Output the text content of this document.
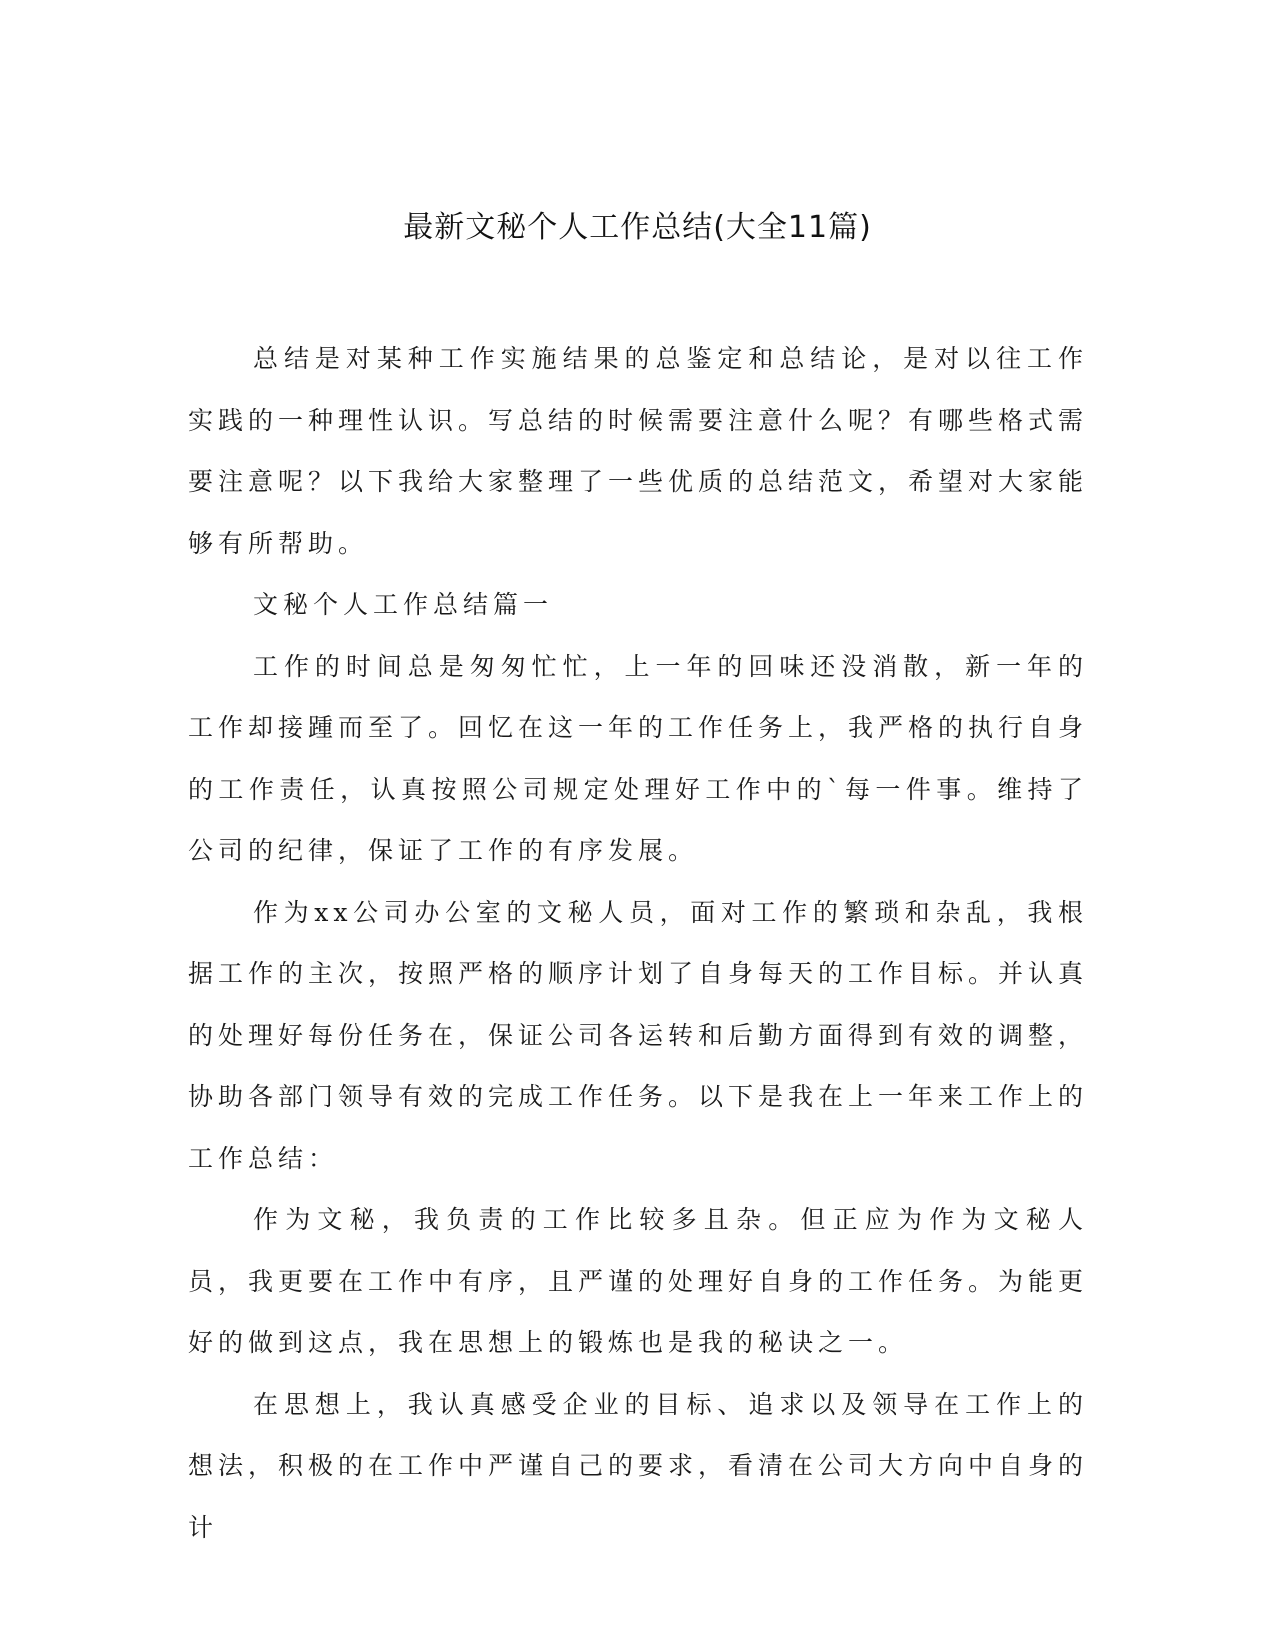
最新文秘个人工作总结(大全11篇)

总结是对某种工作实施结果的总鉴定和总结论，是对以往工作实践的一种理性认识。写总结的时候需要注意什么呢？有哪些格式需要注意呢？以下我给大家整理了一些优质的总结范文，希望对大家能够有所帮助。

文秘个人工作总结篇一

工作的时间总是匆匆忙忙，上一年的回味还没消散，新一年的工作却接踵而至了。回忆在这一年的工作任务上，我严格的执行自身的工作责任，认真按照公司规定处理好工作中的`每一件事。维持了公司的纪律，保证了工作的有序发展。

作为xx公司办公室的文秘人员，面对工作的繁琐和杂乱，我根据工作的主次，按照严格的顺序计划了自身每天的工作目标。并认真的处理好每份任务在，保证公司各运转和后勤方面得到有效的调整，协助各部门领导有效的完成工作任务。以下是我在上一年来工作上的工作总结：

作为文秘，我负责的工作比较多且杂。但正应为作为文秘人员，我更要在工作中有序，且严谨的处理好自身的工作任务。为能更好的做到这点，我在思想上的锻炼也是我的秘诀之一。

在思想上，我认真感受企业的目标、追求以及领导在工作上的想法，积极的在工作中严谨自己的要求，看清在公司大方向中自身的计
